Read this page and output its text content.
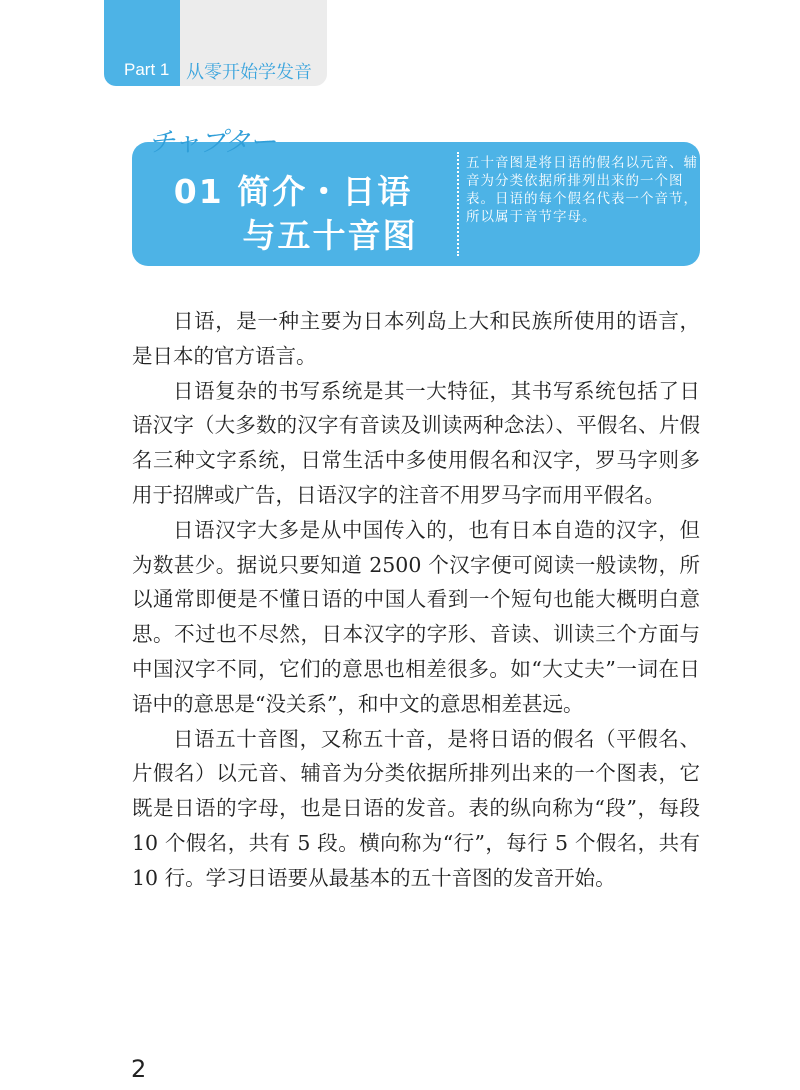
Part 1 从零开始学发音
チャプター
01 简介・日语
与五十音图
五十音图是将日语的假名以元音、辅音为分类依据所排列出来的一个图表。日语的每个假名代表一个音节，所以属于音节字母。

日语，是一种主要为日本列岛上大和民族所使用的语言，是日本的官方语言。

日语复杂的书写系统是其一大特征，其书写系统包括了日语汉字（大多数的汉字有音读及训读两种念法）、平假名、片假名三种文字系统，日常生活中多使用假名和汉字，罗马字则多用于招牌或广告，日语汉字的注音不用罗马字而用平假名。

日语汉字大多是从中国传入的，也有日本自造的汉字，但为数甚少。据说只要知道 2500 个汉字便可阅读一般读物，所以通常即便是不懂日语的中国人看到一个短句也能大概明白意思。不过也不尽然，日本汉字的字形、音读、训读三个方面与中国汉字不同，它们的意思也相差很多。如“大丈夫”一词在日语中的意思是“没关系”，和中文的意思相差甚远。

日语五十音图，又称五十音，是将日语的假名（平假名、片假名）以元音、辅音为分类依据所排列出来的一个图表，它既是日语的字母，也是日语的发音。表的纵向称为“段”，每段 10 个假名，共有 5 段。横向称为“行”，每行 5 个假名，共有 10 行。学习日语要从最基本的五十音图的发音开始。

2
